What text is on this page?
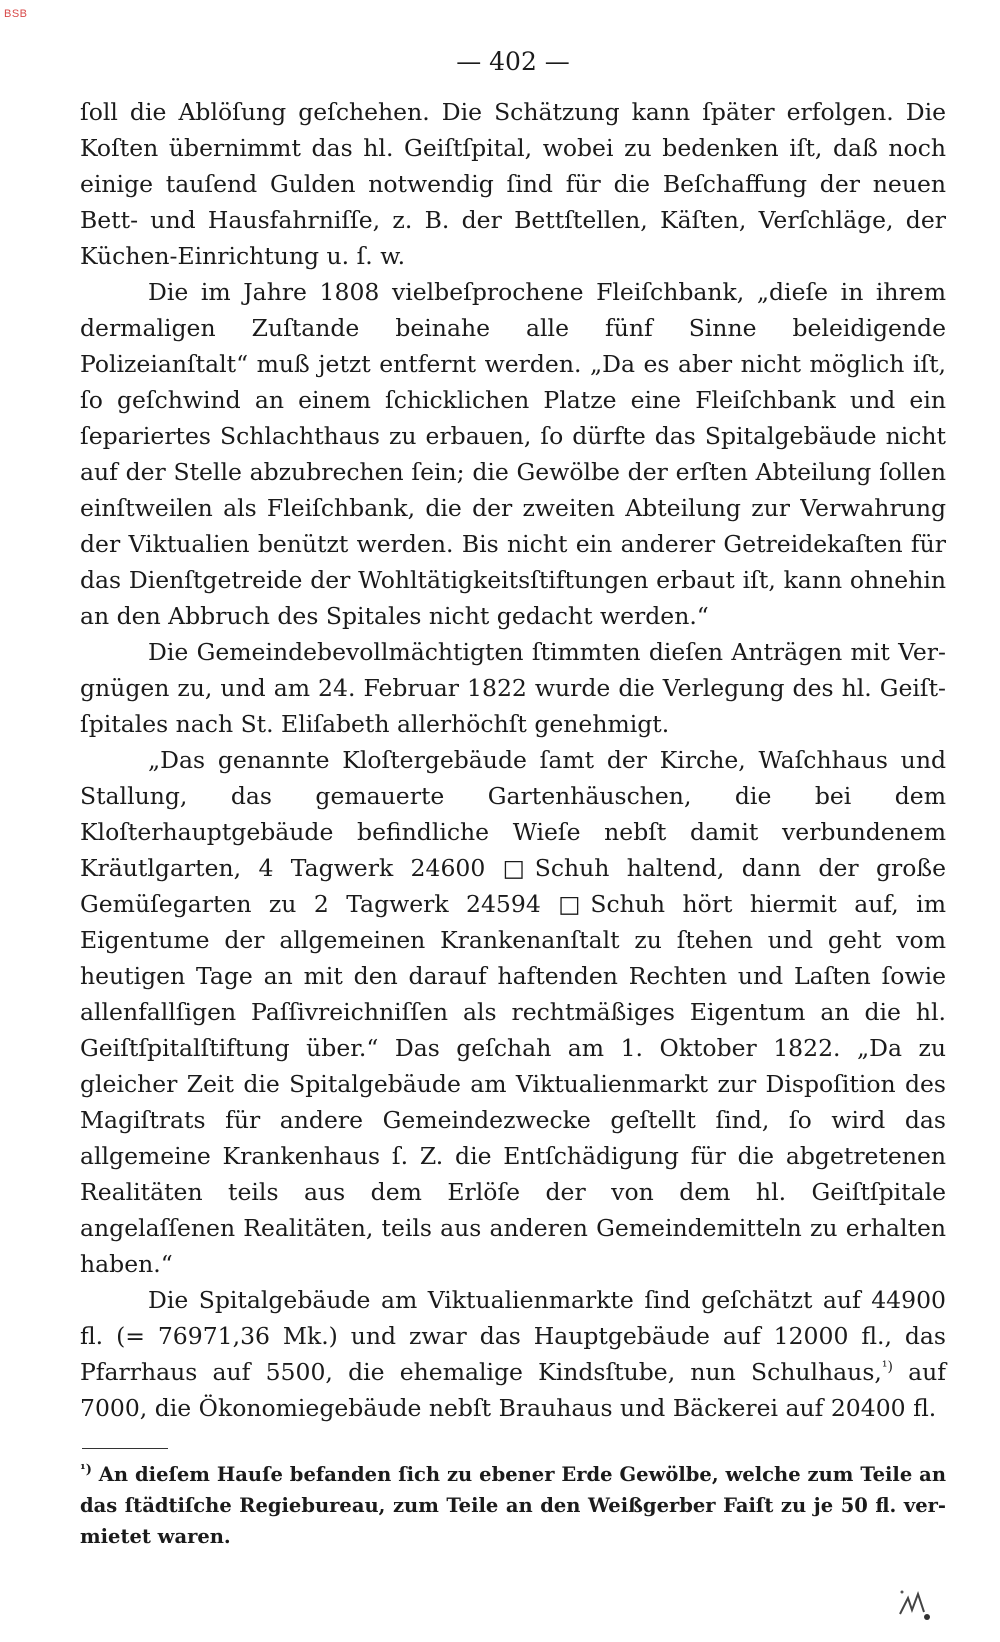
BSB
— 402 —

ſoll die Ablöſung geſchehen. Die Schätzung kann ſpäter erfolgen. Die Koſten übernimmt das hl. Geiſtſpital, wobei zu bedenken iſt, daß noch einige tauſend Gulden notwendig ſind für die Beſchaffung der neuen Bett- und Hausfahrniſſe, z. B. der Bettſtellen, Käſten, Verſchläge, der Küchen-Einrichtung u. ſ. w.

Die im Jahre 1808 vielbeſprochene Fleiſchbank, „dieſe in ihrem dermaligen Zuſtande beinahe alle fünf Sinne beleidigende Polizeianſtalt“ muß jetzt entfernt werden. „Da es aber nicht möglich iſt, ſo geſchwind an einem ſchicklichen Platze eine Fleiſchbank und ein ſepariertes Schlachthaus zu erbauen, ſo dürfte das Spitalgebäude nicht auf der Stelle abzubrechen ſein; die Gewölbe der erſten Abteilung ſollen einſtweilen als Fleiſchbank, die der zweiten Abteilung zur Verwahrung der Viktualien benützt werden. Bis nicht ein anderer Getreidekaſten für das Dienſtgetreide der Wohltätigkeitsſtiftungen erbaut iſt, kann ohnehin an den Abbruch des Spitales nicht gedacht werden.“

Die Gemeindebevollmächtigten ſtimmten dieſen Anträgen mit Vergnügen zu, und am 24. Februar 1822 wurde die Verlegung des hl. Geiſtſpitales nach St. Eliſabeth allerhöchſt genehmigt.

„Das genannte Kloſtergebäude ſamt der Kirche, Waſchhaus und Stallung, das gemauerte Gartenhäuschen, die bei dem Kloſterhauptgebäude befindliche Wieſe nebſt damit verbundenem Kräutlgarten, 4 Tagwerk 24600 □Schuh haltend, dann der große Gemüſegarten zu 2 Tagwerk 24594 □Schuh hört hiermit auf, im Eigentume der allgemeinen Krankenanſtalt zu ſtehen und geht vom heutigen Tage an mit den darauf haftenden Rechten und Laſten ſowie allenfallſigen Paſſivreichniſſen als rechtmäßiges Eigentum an die hl. Geiſtſpitalſtiftung über.“ Das geſchah am 1. Oktober 1822. „Da zu gleicher Zeit die Spitalgebäude am Viktualienmarkt zur Dispoſition des Magiſtrats für andere Gemeindezwecke geſtellt ſind, ſo wird das allgemeine Krankenhaus ſ. Z. die Entſchädigung für die abgetretenen Realitäten teils aus dem Erlöſe der von dem hl. Geiſtſpitale angelaſſenen Realitäten, teils aus anderen Gemeindemitteln zu erhalten haben.“

Die Spitalgebäude am Viktualienmarkte ſind geſchätzt auf 44900 fl. (= 76971,36 Mk.) und zwar das Hauptgebäude auf 12000 fl., das Pfarrhaus auf 5500, die ehemalige Kindsſtube, nun Schulhaus,$^{^1)}$ auf 7000, die Ökonomiegebäude nebſt Brauhaus und Bäckerei auf 20400 fl.

$^{^1)}$ An dieſem Hauſe befanden ſich zu ebener Erde Gewölbe, welche zum Teile an das ſtädtiſche Regiebureau, zum Teile an den Weißgerber Faiſt zu je 50 fl. vermietet waren.
